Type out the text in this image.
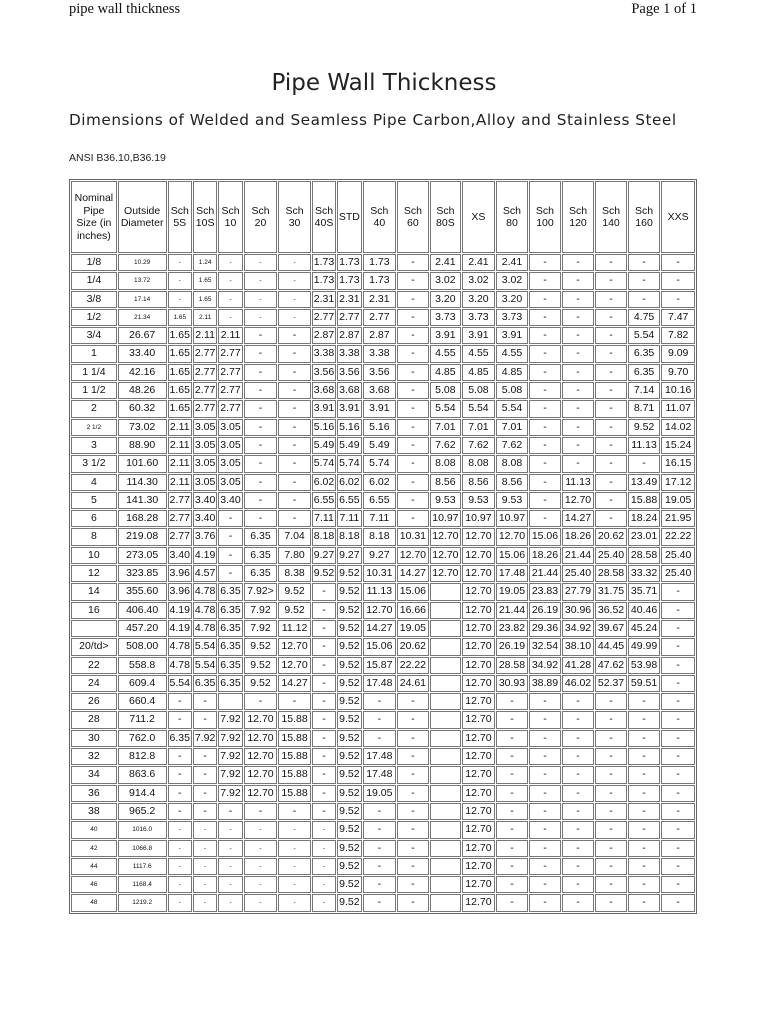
pipe wall thickness	Page 1 of 1
Pipe Wall Thickness
Dimensions of Welded and Seamless Pipe Carbon,Alloy and Stainless Steel
ANSI B36.10,B36.19
Nominal Pipe Size (in inches)	Outside Diameter	Sch 5S	Sch 10S	Sch 10	Sch 20	Sch 30	Sch 40S	STD	Sch 40	Sch 60	Sch 80S	XS	Sch 80	Sch 100	Sch 120	Sch 140	Sch 160	XXS
1/8	10.29	-	1.24	-	-	-	1.73	1.73	1.73	-	2.41	2.41	2.41	-	-	-	-	-
1/4	13.72	-	1.65	-	-	-	1.73	1.73	1.73	-	3.02	3.02	3.02	-	-	-	-	-
3/8	17.14	-	1.65	-	-	-	2.31	2.31	2.31	-	3.20	3.20	3.20	-	-	-	-	-
1/2	21.34	1.65	2.11	-	-	-	2.77	2.77	2.77	-	3.73	3.73	3.73	-	-	-	4.75	7.47
3/4	26.67	1.65	2.11	2.11	-	-	2.87	2.87	2.87	-	3.91	3.91	3.91	-	-	-	5.54	7.82
1	33.40	1.65	2.77	2.77	-	-	3.38	3.38	3.38	-	4.55	4.55	4.55	-	-	-	6.35	9.09
1 1/4	42.16	1.65	2.77	2.77	-	-	3.56	3.56	3.56	-	4.85	4.85	4.85	-	-	-	6.35	9.70
1 1/2	48.26	1.65	2.77	2.77	-	-	3.68	3.68	3.68	-	5.08	5.08	5.08	-	-	-	7.14	10.16
2	60.32	1.65	2.77	2.77	-	-	3.91	3.91	3.91	-	5.54	5.54	5.54	-	-	-	8.71	11.07
2 1/2	73.02	2.11	3.05	3.05	-	-	5.16	5.16	5.16	-	7.01	7.01	7.01	-	-	-	9.52	14.02
3	88.90	2.11	3.05	3.05	-	-	5.49	5.49	5.49	-	7.62	7.62	7.62	-	-	-	11.13	15.24
3 1/2	101.60	2.11	3.05	3.05	-	-	5.74	5.74	5.74	-	8.08	8.08	8.08	-	-	-	-	16.15
4	114.30	2.11	3.05	3.05	-	-	6.02	6.02	6.02	-	8.56	8.56	8.56	-	11.13	-	13.49	17.12
5	141.30	2.77	3.40	3.40	-	-	6.55	6.55	6.55	-	9.53	9.53	9.53	-	12.70	-	15.88	19.05
6	168.28	2.77	3.40	-	-	-	7.11	7.11	7.11	-	10.97	10.97	10.97	-	14.27	-	18.24	21.95
8	219.08	2.77	3.76	-	6.35	7.04	8.18	8.18	8.18	10.31	12.70	12.70	12.70	15.06	18.26	20.62	23.01	22.22
10	273.05	3.40	4.19	-	6.35	7.80	9.27	9.27	9.27	12.70	12.70	12.70	15.06	18.26	21.44	25.40	28.58	25.40
12	323.85	3.96	4.57	-	6.35	8.38	9.52	9.52	10.31	14.27	12.70	12.70	17.48	21.44	25.40	28.58	33.32	25.40
14	355.60	3.96	4.78	6.35	7.92>	9.52	-	9.52	11.13	15.06		12.70	19.05	23.83	27.79	31.75	35.71	-
16	406.40	4.19	4.78	6.35	7.92	9.52	-	9.52	12.70	16.66		12.70	21.44	26.19	30.96	36.52	40.46	-
	457.20	4.19	4.78	6.35	7.92	11.12	-	9.52	14.27	19.05		12.70	23.82	29.36	34.92	39.67	45.24	-
20/td>	508.00	4.78	5.54	6.35	9.52	12.70	-	9.52	15.06	20.62		12.70	26.19	32.54	38.10	44.45	49.99	-
22	558.8	4.78	5.54	6.35	9.52	12.70	-	9.52	15.87	22.22		12.70	28.58	34.92	41.28	47.62	53.98	-
24	609.4	5.54	6.35	6.35	9.52	14.27	-	9.52	17.48	24.61		12.70	30.93	38.89	46.02	52.37	59.51	-
26	660.4	-	-		-	-	-	9.52	-	-		12.70	-	-	-	-	-	-
28	711.2	-	-	7.92	12.70	15.88	-	9.52	-	-		12.70	-	-	-	-	-	-
30	762.0	6.35	7.92	7.92	12.70	15.88	-	9.52	-	-		12.70	-	-	-	-	-	-
32	812.8	-	-	7.92	12.70	15.88	-	9.52	17.48	-		12.70	-	-	-	-	-	-
34	863.6	-	-	7.92	12.70	15.88	-	9.52	17.48	-		12.70	-	-	-	-	-	-
36	914.4	-	-	7.92	12.70	15.88	-	9.52	19.05	-		12.70	-	-	-	-	-	-
38	965.2	-	-	-	-	-	-	9.52	-	-		12.70	-	-	-	-	-	-
40	1016.0	-	-	-	-	-	-	9.52	-	-		12.70	-	-	-	-	-	-
42	1066.8	-	-	-	-	-	-	9.52	-	-		12.70	-	-	-	-	-	-
44	1117.6	-	-	-	-	-	-	9.52	-	-		12.70	-	-	-	-	-	-
46	1168.4	-	-	-	-	-	-	9.52	-	-		12.70	-	-	-	-	-	-
48	1219.2	-	-	-	-	-	-	9.52	-	-		12.70	-	-	-	-	-	-
